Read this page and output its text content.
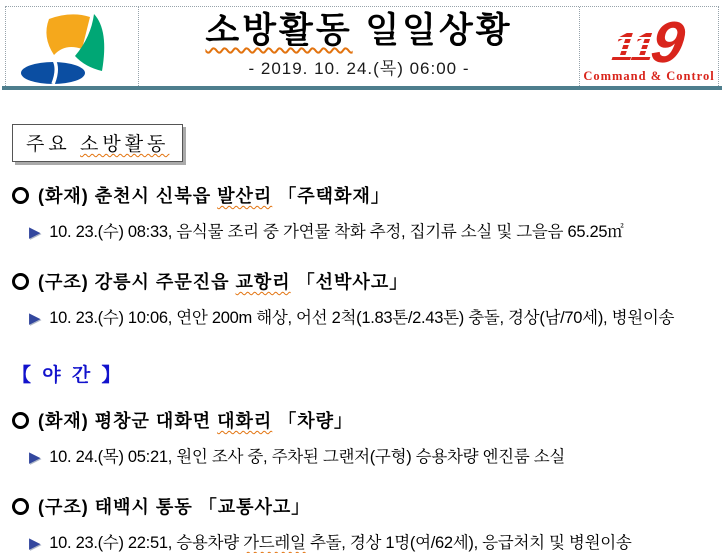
소방활동 일일상황
- 2019. 10. 24.(목) 06:00 -	11
9
Command & Control
주요 소방활동
(화재) 춘천시 신북읍 발산리 「주택화재」
▶ 10. 23.(수) 08:33, 음식물 조리 중 가연물 착화 추정, 집기류 소실 및 그을음 65.25㎡
(구조) 강릉시 주문진읍 교항리 「선박사고」
▶ 10. 23.(수) 10:06, 연안 200m 해상, 어선 2척(1.83톤/2.43톤) 충돌, 경상(남/70세), 병원이송
【 야 간 】
(화재) 평창군 대화면 대화리 「차량」
▶ 10. 24.(목) 05:21, 원인 조사 중, 주차된 그랜저(구형) 승용차량 엔진룸 소실
(구조) 태백시 통동 「교통사고」
▶ 10. 23.(수) 22:51, 승용차량 가드레일 추돌, 경상 1명(여/62세), 응급처치 및 병원이송
